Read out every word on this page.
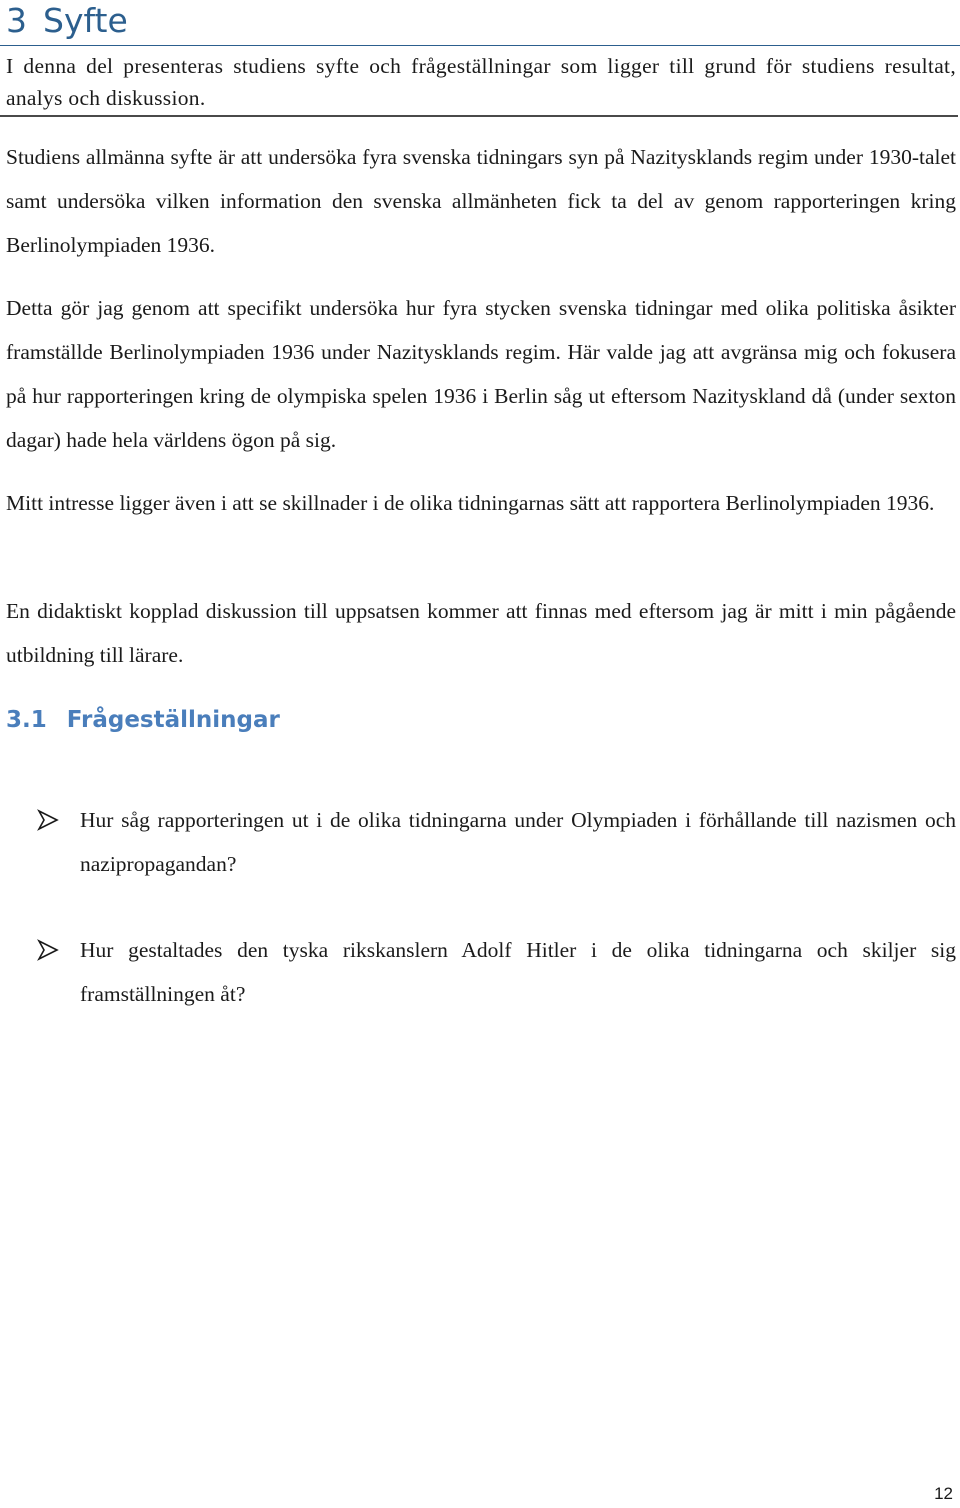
3 Syfte

I denna del presenteras studiens syfte och frågeställningar som ligger till grund för studiens resultat, analys och diskussion.

Studiens allmänna syfte är att undersöka fyra svenska tidningars syn på Nazitysklands regim under 1930-talet samt undersöka vilken information den svenska allmänheten fick ta del av genom rapporteringen kring Berlinolympiaden 1936.

Detta gör jag genom att specifikt undersöka hur fyra stycken svenska tidningar med olika politiska åsikter framställde Berlinolympiaden 1936 under Nazitysklands regim. Här valde jag att avgränsa mig och fokusera på hur rapporteringen kring de olympiska spelen 1936 i Berlin såg ut eftersom Nazityskland då (under sexton dagar) hade hela världens ögon på sig.

Mitt intresse ligger även i att se skillnader i de olika tidningarnas sätt att rapportera Berlinolympiaden 1936.

En didaktiskt kopplad diskussion till uppsatsen kommer att finnas med eftersom jag är mitt i min pågående utbildning till lärare.

3.1 Frågeställningar

Hur såg rapporteringen ut i de olika tidningarna under Olympiaden i förhållande till nazismen och nazipropagandan?

Hur gestaltades den tyska rikskanslern Adolf Hitler i de olika tidningarna och skiljer sig framställningen åt?

12
